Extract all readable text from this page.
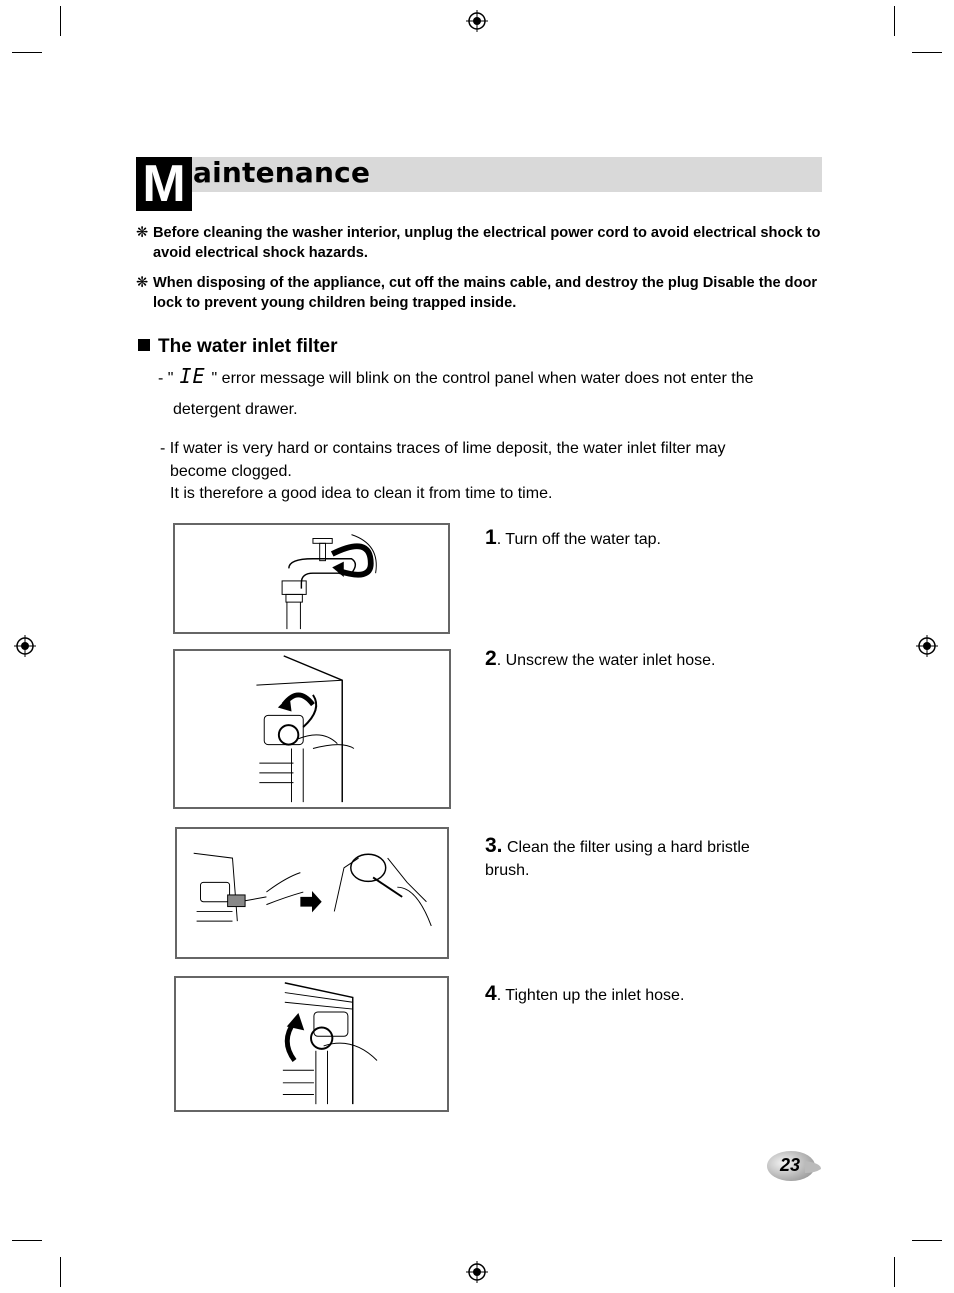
M aintenance
❋ Before cleaning the washer interior, unplug the electrical power cord to avoid electrical shock to avoid electrical shock hazards.
❋ When disposing of the appliance, cut off the mains cable, and destroy the plug Disable the door lock to prevent young children being trapped inside.
The water inlet filter
- " IE " error message will blink on the control panel when water does not enter the
detergent drawer.
- If water is very hard or contains traces of lime deposit, the water inlet filter may
become clogged.
It is therefore a good idea to clean it from time to time.
1. Turn off the water tap.
2. Unscrew the water inlet hose.
3. Clean the filter using a hard bristle brush.
4. Tighten up the inlet hose.
23
